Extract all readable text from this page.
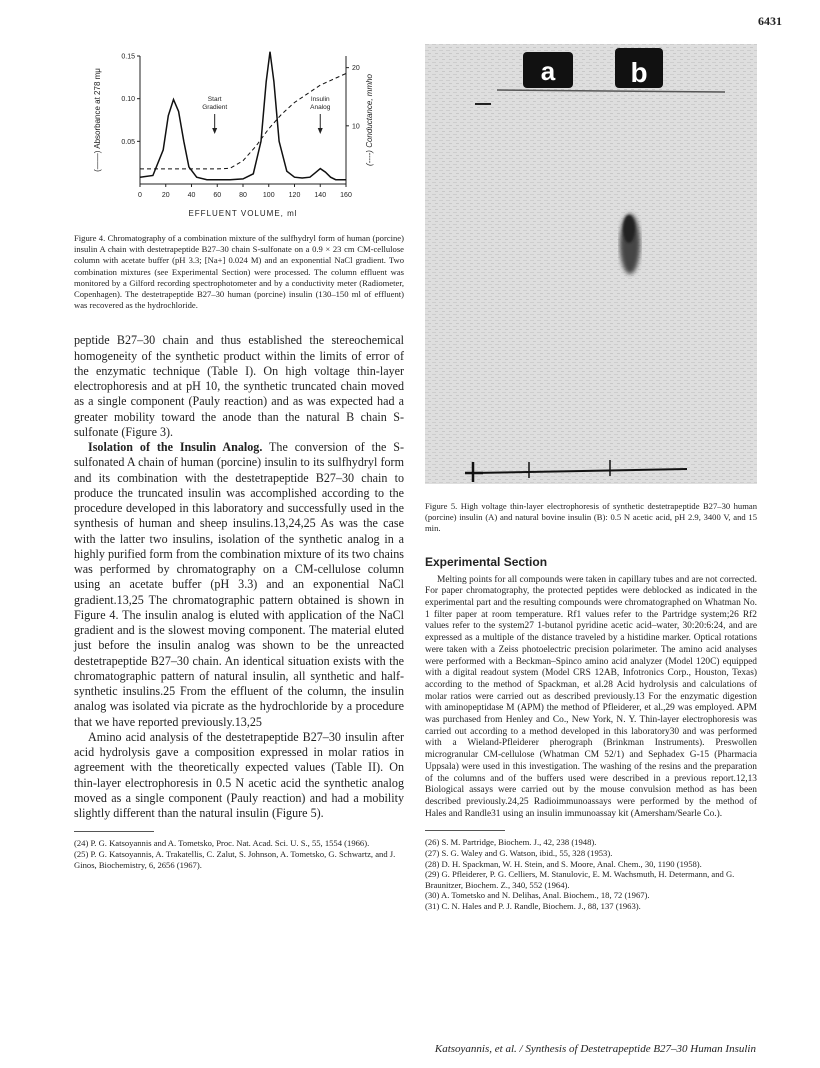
6431
0	20	40	60	80 100 120 140 160
0.05
0.10
0.15
10
20
EFFLUENT VOLUME, ml
(——) Absorbance at 278 mμ	(----) Conductance, mmho
Start
Gradient
Insulin
Analog

Figure 4. Chromatography of a combination mixture of the sulfhydryl form of human (porcine) insulin A chain with destetrapeptide B27–30 chain S-sulfonate on a 0.9 × 23 cm CM-cellulose column with acetate buffer (pH 3.3; [Na+] 0.024 M) and an exponential NaCl gradient. Two combination mixtures (see Experimental Section) were processed. The column effluent was monitored by a Gilford recording spectrophotometer and by a conductivity meter (Radiometer, Copenhagen). The destetrapeptide B27–30 human (porcine) insulin (130–150 ml of effluent) was recovered as the hydrochloride.

peptide B27–30 chain and thus established the stereochemical homogeneity of the synthetic product within the limits of error of the enzymatic technique (Table I). On high voltage thin-layer electrophoresis and at pH 10, the synthetic truncated chain moved as a single component (Pauly reaction) and as was expected had a greater mobility toward the anode than the natural B chain S-sulfonate (Figure 3).

Isolation of the Insulin Analog. The conversion of the S-sulfonated A chain of human (porcine) insulin to its sulfhydryl form and its combination with the destetrapeptide B27–30 chain to produce the truncated insulin was accomplished according to the procedure developed in this laboratory and successfully used in the synthesis of human and sheep insulins.13,24,25 As was the case with the latter two insulins, isolation of the synthetic analog in a highly purified form from the combination mixture of its two chains was performed by chromatography on a CM-cellulose column using an acetate buffer (pH 3.3) and an exponential NaCl gradient.13,25 The chromatographic pattern obtained is shown in Figure 4. The insulin analog is eluted with application of the NaCl gradient and is the slowest moving component. The material eluted just before the insulin analog was shown to be the unreacted destetrapeptide B27–30 chain. An identical situation exists with the chromatographic pattern of natural insulin, all synthetic and half-synthetic insulins.25 From the effluent of the column, the insulin analog was isolated via picrate as the hydrochloride by a procedure that we have reported previously.13,25

Amino acid analysis of the destetrapeptide B27–30 insulin after acid hydrolysis gave a composition expressed in molar ratios in agreement with the theoretically expected values (Table II). On thin-layer electrophoresis in 0.5 N acetic acid the synthetic analog moved as a single component (Pauly reaction) and had a mobility slightly different than the natural insulin (Figure 5).

(24) P. G. Katsoyannis and A. Tometsko, Proc. Nat. Acad. Sci. U. S., 55, 1554 (1966).
(25) P. G. Katsoyannis, A. Trakatellis, C. Zalut, S. Johnson, A. Tometsko, G. Schwartz, and J. Ginos, Biochemistry, 6, 2656 (1967).
a	b

Figure 5. High voltage thin-layer electrophoresis of synthetic destetrapeptide B27–30 human (porcine) insulin (A) and natural bovine insulin (B): 0.5 N acetic acid, pH 2.9, 3400 V, and 15 min.

Experimental Section

Melting points for all compounds were taken in capillary tubes and are not corrected. For paper chromatography, the protected peptides were deblocked as indicated in the experimental part and the resulting compounds were chromatographed on Whatman No. 1 filter paper at room temperature. Rf1 values refer to the Partridge system;26 Rf2 values refer to the system27 1-butanol pyridine acetic acid–water, 30:20:6:24, and are expressed as a multiple of the distance traveled by a histidine marker. Optical rotations were taken with a Zeiss photoelectric precision polarimeter. The amino acid analyses were performed with a Beckman–Spinco amino acid analyzer (Model 120C) equipped with a digital readout system (Model CRS 12AB, Infotronics Corp., Houston, Texas) according to the method of Spackman, et al.28 Acid hydrolysis and calculations of molar ratios were carried out as described previously.13 For the enzymatic digestion with aminopeptidase M (APM) the method of Pfleiderer, et al.,29 was employed. APM was purchased from Henley and Co., New York, N. Y. Thin-layer electrophoresis was carried out according to a method developed in this laboratory30 and was performed with a Wieland-Pfleiderer pherograph (Brinkman Instruments). Preswollen microgranular CM-cellulose (Whatman CM 52/1) and Sephadex G-15 (Pharmacia Uppsala) were used in this investigation. The washing of the resins and the preparation of the columns and of the buffers used were described in a previous report.12,13 Biological assays were carried out by the mouse convulsion method as has been described previously.24,25 Radioimmunoassays were performed by the method of Hales and Randle31 using an insulin immunoassay kit (Amersham/Searle Co.).

(26) S. M. Partridge, Biochem. J., 42, 238 (1948).
(27) S. G. Waley and G. Watson, ibid., 55, 328 (1953).
(28) D. H. Spackman, W. H. Stein, and S. Moore, Anal. Chem., 30, 1190 (1958).
(29) G. Pfleiderer, P. G. Celliers, M. Stanulovic, E. M. Wachsmuth, H. Determann, and G. Braunitzer, Biochem. Z., 340, 552 (1964).
(30) A. Tometsko and N. Delihas, Anal. Biochem., 18, 72 (1967).
(31) C. N. Hales and P. J. Randle, Biochem. J., 88, 137 (1963).
Katsoyannis, et al. / Synthesis of Destetrapeptide B27–30 Human Insulin
